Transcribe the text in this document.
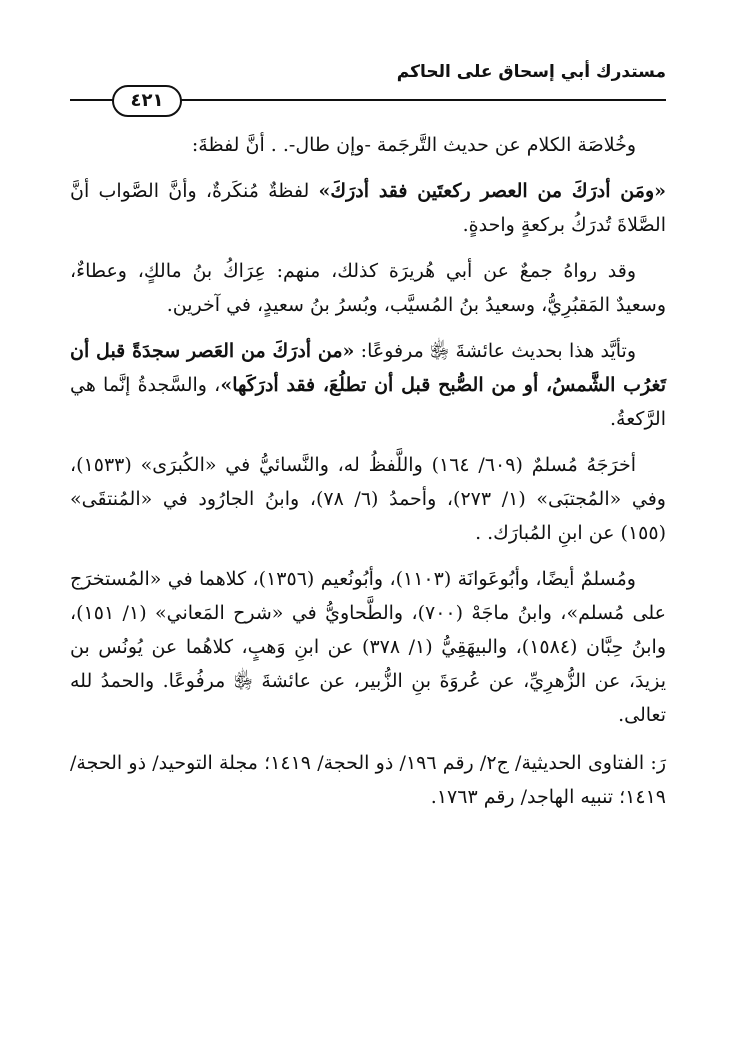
مستدرك أبي إسحاق على الحاكم
٤٢١

وخُلاصَة الكلام عن حديث التَّرجَمة -وإن طال-. . أنَّ لفظةَ:

«ومَن أدرَكَ من العصر ركعتَين فقد أدرَكَ» لفظةٌ مُنكَرةٌ، وأنَّ الصَّواب أنَّ الصَّلاةَ تُدرَكُ بركعةٍ واحدةٍ.

وقد رواهُ جمعٌ عن أبي هُريرَة كذلك، منهم: عِرَاكُ بنُ مالكٍ، وعطاءٌ، وسعيدٌ المَقبُرِيُّ، وسعيدُ بنُ المُسيَّب، وبُسرُ بنُ سعيدٍ، في آخرين.

وتأيَّد هذا بحديث عائشةَ ﵂ مرفوعًا: «من أدرَكَ من العَصر سجدَةً قبل أن تَغرُب الشَّمسُ، أو من الصُّبح قبل أن تطلُعَ، فقد أدرَكَها»، والسَّجدةُ إنَّما هي الرَّكعةُ.

أخرَجَهُ مُسلمٌ (٦٠٩/ ١٦٤) واللَّفظُ له، والنَّسائيُّ في «الكُبرَى» (١٥٣٣)، وفي «المُجتبَى» (١/ ٢٧٣)، وأحمدُ (٦/ ٧٨)، وابنُ الجارُود في «المُنتقَى» (١٥٥) عن ابنِ المُبارَك. .

ومُسلمٌ أيضًا، وأبُوعَوانَة (١١٠٣)، وأبُونُعيم (١٣٥٦)، كلاهما في «المُستخرَج على مُسلم»، وابنُ ماجَهْ (٧٠٠)، والطَّحاويُّ في «شرح المَعاني» (١/ ١٥١)، وابنُ حِبَّان (١٥٨٤)، والبيهَقِيُّ (١/ ٣٧٨) عن ابنِ وَهبٍ، كلاهُما عن يُونُس بن يزيدَ، عن الزُّهرِيِّ، عن عُروَةَ بنِ الزُّبير، عن عائشةَ ﵂ مرفُوعًا. والحمدُ لله تعالى.

رَ: الفتاوى الحديثية/ ج٢/ رقم ١٩٦/ ذو الحجة/ ١٤١٩؛ مجلة التوحيد/ ذو الحجة/ ١٤١٩؛ تنبيه الهاجد/ رقم ١٧٦٣.
